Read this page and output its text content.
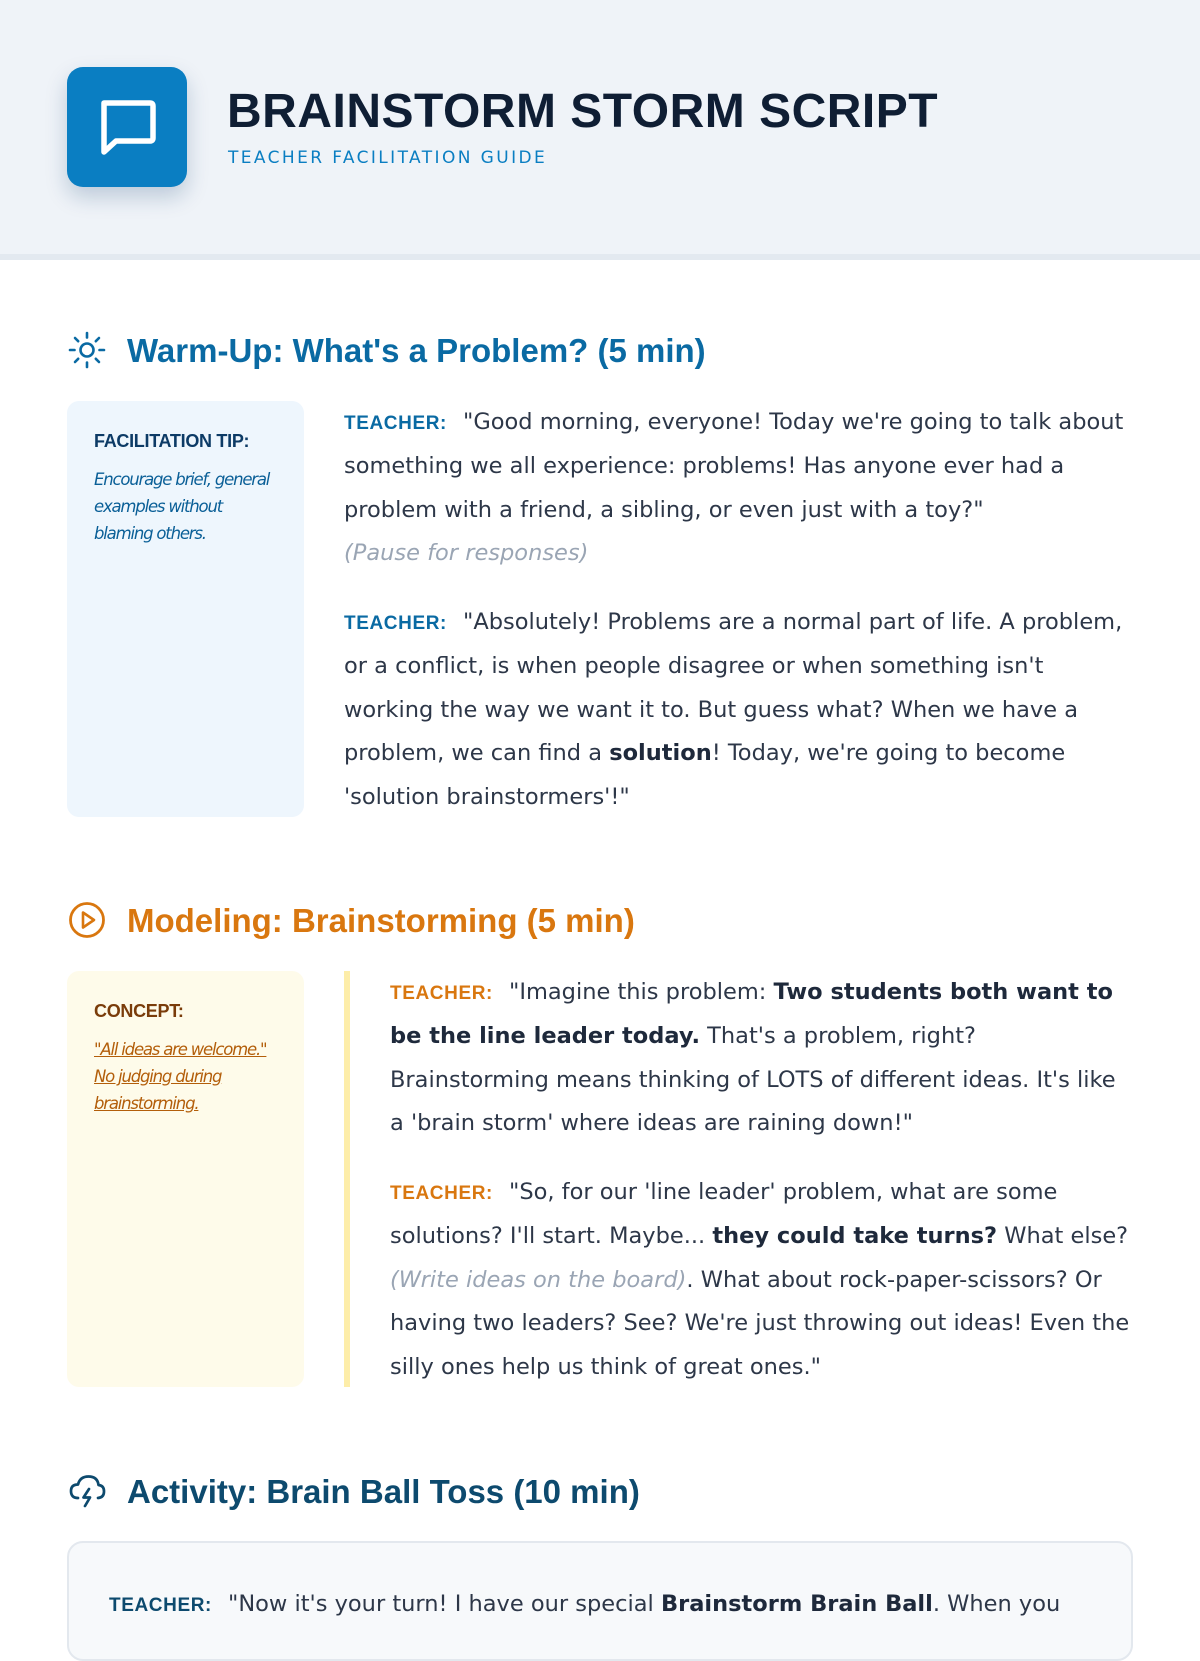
BRAINSTORM STORM SCRIPT
TEACHER FACILITATION GUIDE
Warm-Up: What's a Problem? (5 min)
FACILITATION TIP:
Encourage brief, general examples without blaming others.
TEACHER: "Good morning, everyone! Today we're going to talk about something we all experience: problems! Has anyone ever had a problem with a friend, a sibling, or even just with a toy?"
(Pause for responses)
TEACHER: "Absolutely! Problems are a normal part of life. A problem, or a conflict, is when people disagree or when something isn't working the way we want it to. But guess what? When we have a problem, we can find a solution! Today, we're going to become 'solution brainstormers'!"
Modeling: Brainstorming (5 min)
CONCEPT:
"All ideas are welcome." No judging during brainstorming.
TEACHER: "Imagine this problem: Two students both want to be the line leader today. That's a problem, right? Brainstorming means thinking of LOTS of different ideas. It's like a 'brain storm' where ideas are raining down!"
TEACHER: "So, for our 'line leader' problem, what are some solutions? I'll start. Maybe... they could take turns? What else? (Write ideas on the board). What about rock-paper-scissors? Or having two leaders? See? We're just throwing out ideas! Even the silly ones help us think of great ones."
Activity: Brain Ball Toss (10 min)
TEACHER: "Now it's your turn! I have our special Brainstorm Brain Ball. When you
